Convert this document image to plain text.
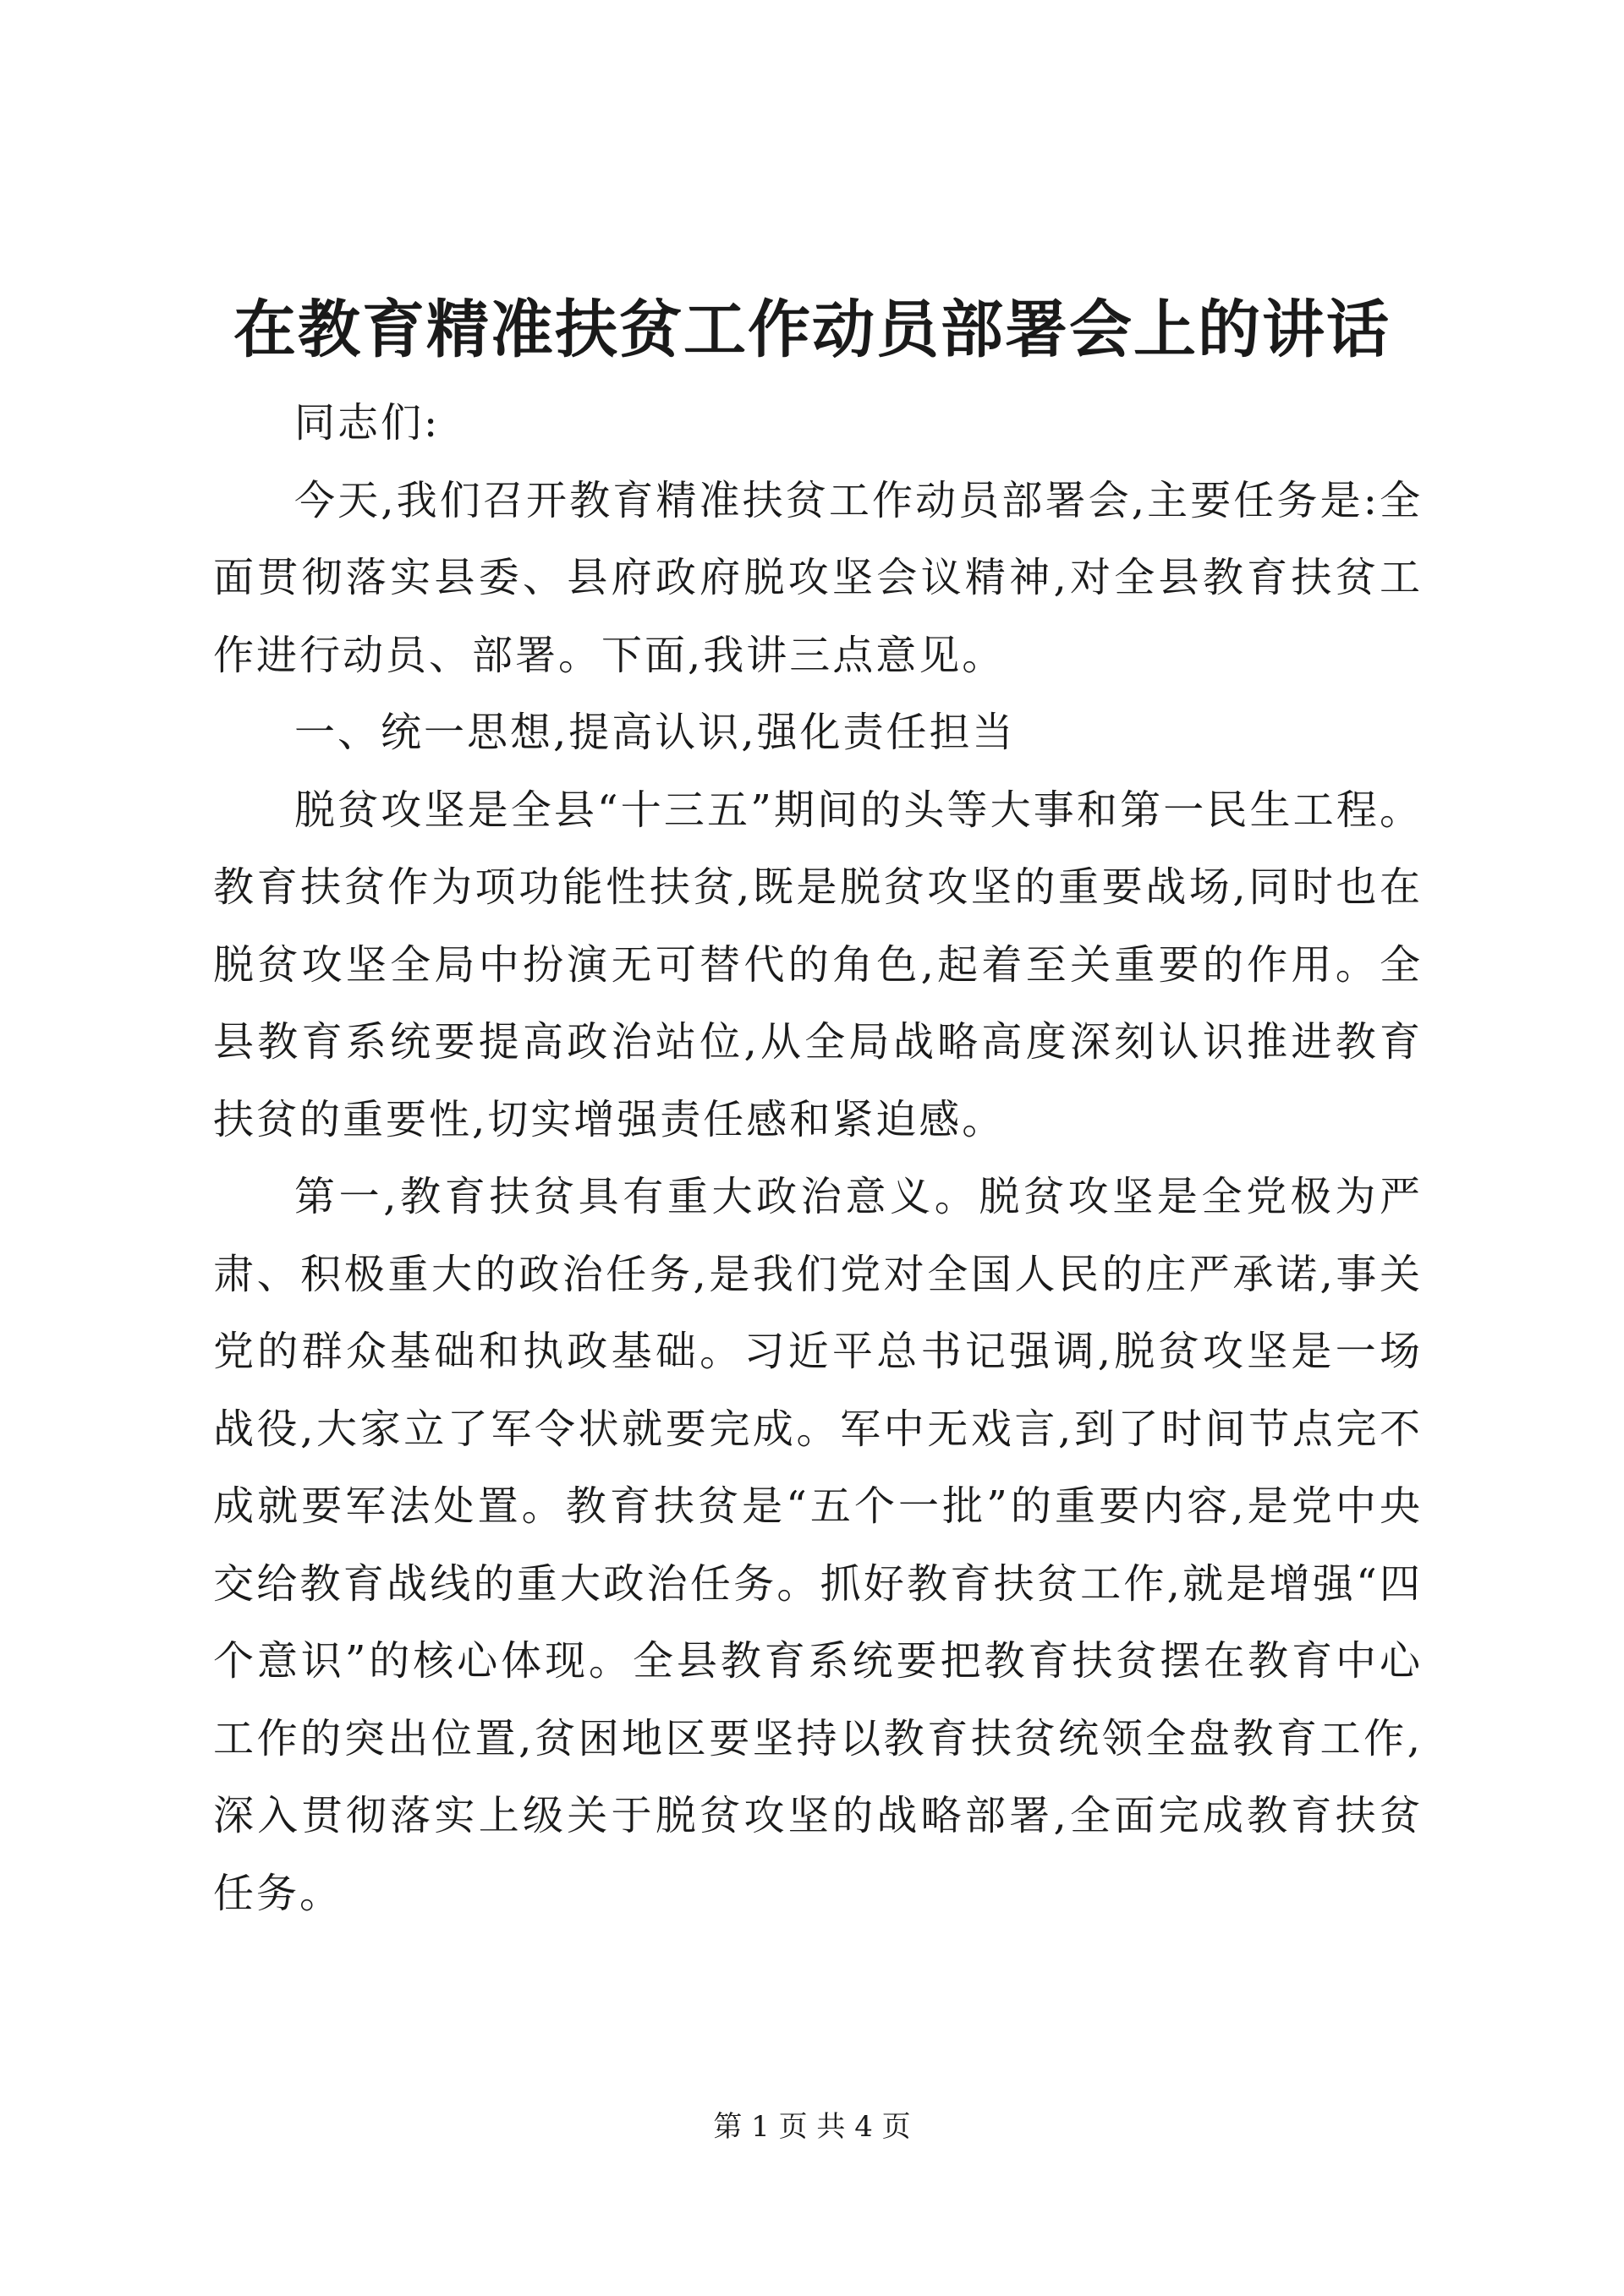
在教育精准扶贫工作动员部署会上的讲话

同志们:

今天,我们召开教育精准扶贫工作动员部署会,主要任务是:全面贯彻落实县委、县府政府脱攻坚会议精神,对全县教育扶贫工作进行动员、部署。下面,我讲三点意见。

一、统一思想,提高认识,强化责任担当

脱贫攻坚是全县“十三五”期间的头等大事和第一民生工程。教育扶贫作为项功能性扶贫,既是脱贫攻坚的重要战场,同时也在脱贫攻坚全局中扮演无可替代的角色,起着至关重要的作用。全县教育系统要提高政治站位,从全局战略高度深刻认识推进教育扶贫的重要性,切实增强责任感和紧迫感。

第一,教育扶贫具有重大政治意义。脱贫攻坚是全党极为严肃、积极重大的政治任务,是我们党对全国人民的庄严承诺,事关党的群众基础和执政基础。习近平总书记强调,脱贫攻坚是一场战役,大家立了军令状就要完成。军中无戏言,到了时间节点完不成就要军法处置。教育扶贫是“五个一批”的重要内容,是党中央交给教育战线的重大政治任务。抓好教育扶贫工作,就是增强“四个意识”的核心体现。全县教育系统要把教育扶贫摆在教育中心工作的突出位置,贫困地区要坚持以教育扶贫统领全盘教育工作,深入贯彻落实上级关于脱贫攻坚的战略部署,全面完成教育扶贫任务。

第 1 页 共 4 页
